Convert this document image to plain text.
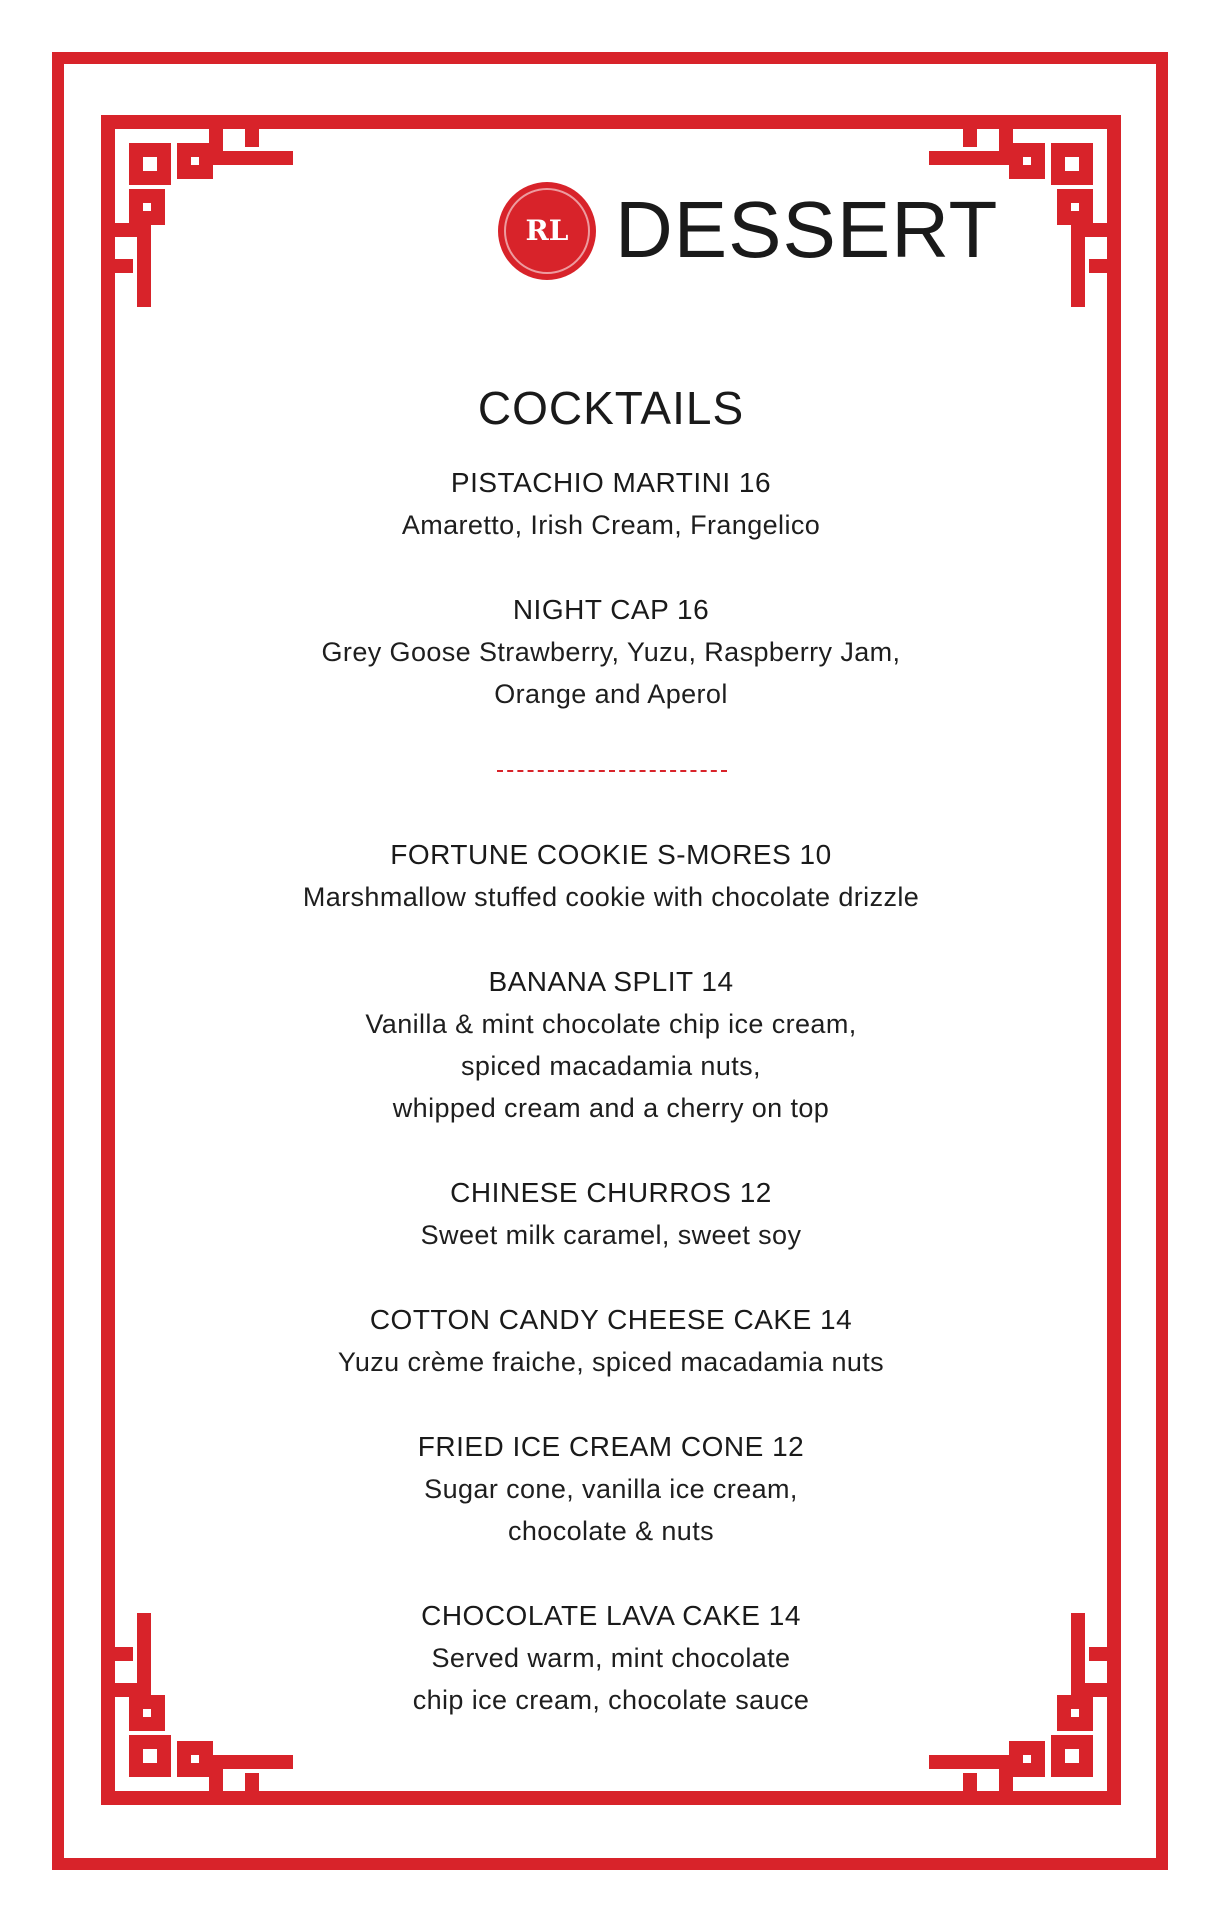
RL DESSERT
COCKTAILS
PISTACHIO MARTINI 16
Amaretto, Irish Cream, Frangelico
NIGHT CAP 16
Grey Goose Strawberry, Yuzu, Raspberry Jam,
Orange and Aperol
FORTUNE COOKIE S-MORES 10
Marshmallow stuffed cookie with chocolate drizzle
BANANA SPLIT 14
Vanilla & mint chocolate chip ice cream,
spiced macadamia nuts,
whipped cream and a cherry on top
CHINESE CHURROS 12
Sweet milk caramel, sweet soy
COTTON CANDY CHEESE CAKE 14
Yuzu crème fraiche, spiced macadamia nuts
FRIED ICE CREAM CONE 12
Sugar cone, vanilla ice cream,
chocolate & nuts
CHOCOLATE LAVA CAKE 14
Served warm, mint chocolate
chip ice cream, chocolate sauce
